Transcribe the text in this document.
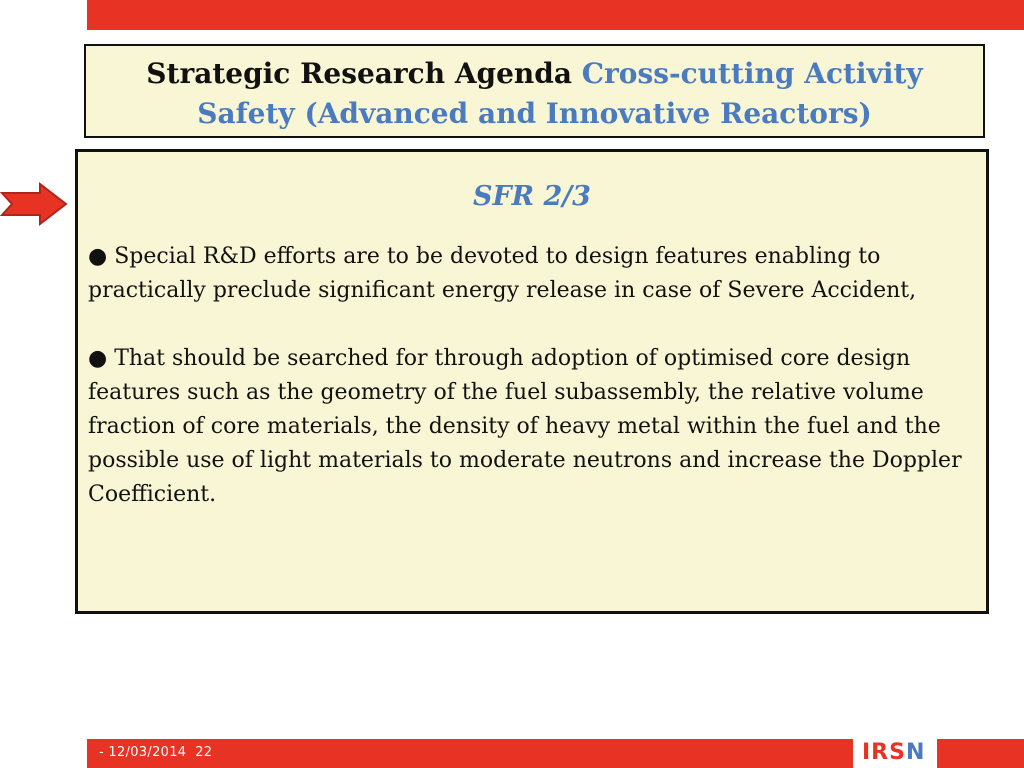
Strategic Research Agenda Cross-cutting Activity
Safety (Advanced and Innovative Reactors)
SFR 2/3

● Special R&D efforts are to be devoted to design features enabling to practically preclude significant energy release in case of Severe Accident,

● That should be searched for through adoption of optimised core design features such as the geometry of the fuel subassembly, the relative volume fraction of core materials, the density of heavy metal within the fuel and the possible use of light materials to moderate neutrons and increase the Doppler Coefficient.

- 12/03/2014 22	IRSN
